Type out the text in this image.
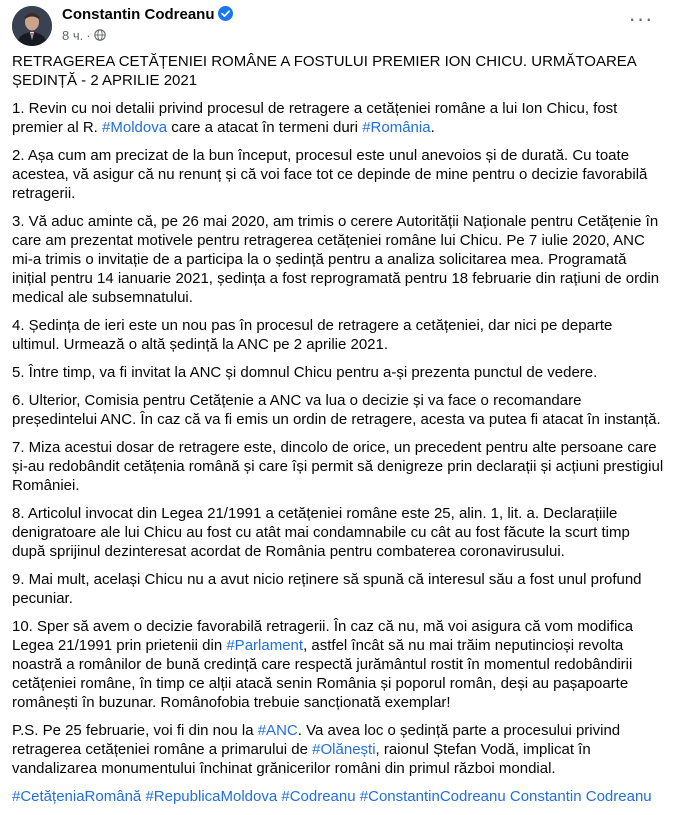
Constantin Codreanu
8 ч. ·
···

RETRAGEREA CETĂȚENIEI ROMÂNE A FOSTULUI PREMIER ION CHICU. URMĂTOAREA ȘEDINȚĂ - 2 APRILIE 2021

1. Revin cu noi detalii privind procesul de retragere a cetățeniei române a lui Ion Chicu, fost premier al R. #Moldova care a atacat în termeni duri #România.

2. Așa cum am precizat de la bun început, procesul este unul anevoios și de durată. Cu toate acestea, vă asigur că nu renunț și că voi face tot ce depinde de mine pentru o decizie favorabilă retragerii.

3. Vă aduc aminte că, pe 26 mai 2020, am trimis o cerere Autorității Naționale pentru Cetățenie în care am prezentat motivele pentru retragerea cetățeniei române lui Chicu. Pe 7 iulie 2020, ANC mi-a trimis o invitație de a participa la o ședință pentru a analiza solicitarea mea. Programată inițial pentru 14 ianuarie 2021, ședința a fost reprogramată pentru 18 februarie din rațiuni de ordin medical ale subsemnatului.

4. Ședința de ieri este un nou pas în procesul de retragere a cetățeniei, dar nici pe departe ultimul. Urmează o altă ședință la ANC pe 2 aprilie 2021.

5. Între timp, va fi invitat la ANC și domnul Chicu pentru a-și prezenta punctul de vedere.

6. Ulterior, Comisia pentru Cetățenie a ANC va lua o decizie și va face o recomandare președintelui ANC. În caz că va fi emis un ordin de retragere, acesta va putea fi atacat în instanță.

7. Miza acestui dosar de retragere este, dincolo de orice, un precedent pentru alte persoane care și-au redobândit cetățenia română și care își permit să denigreze prin declarații și acțiuni prestigiul României.

8. Articolul invocat din Legea 21/1991 a cetățeniei române este 25, alin. 1, lit. a. Declarațiile denigratoare ale lui Chicu au fost cu atât mai condamnabile cu cât au fost făcute la scurt timp după sprijinul dezinteresat acordat de România pentru combaterea coronavirusului.

9. Mai mult, același Chicu nu a avut nicio reținere să spună că interesul său a fost unul profund pecuniar.

10. Sper să avem o decizie favorabilă retragerii. În caz că nu, mă voi asigura că vom modifica Legea 21/1991 prin prietenii din #Parlament, astfel încât să nu mai trăim neputincioși revolta noastră a românilor de bună credință care respectă jurământul rostit în momentul redobândirii cetățeniei române, în timp ce alții atacă senin România și poporul român, deși au pașapoarte românești în buzunar. Românofobia trebuie sancționată exemplar!

P.S. Pe 25 februarie, voi fi din nou la #ANC. Va avea loc o ședință parte a procesului privind retragerea cetățeniei române a primarului de #Olănești, raionul Ștefan Vodă, implicat în vandalizarea monumentului închinat grănicerilor români din primul război mondial.

#CetățeniaRomână #RepublicaMoldova #Codreanu #ConstantinCodreanu Constantin Codreanu
